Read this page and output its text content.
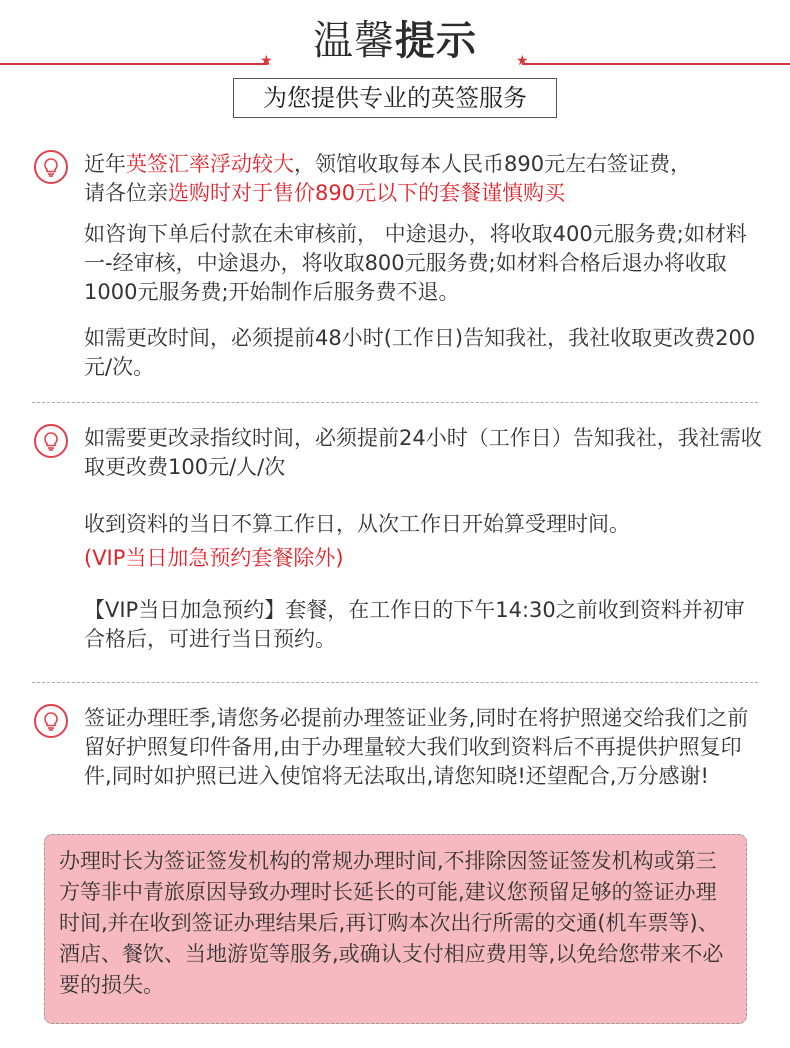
温馨提示
★	★
为您提供专业的英签服务
近年英签汇率浮动较大，领馆收取每本人民币890元左右签证费，
请各位亲选购时对于售价890元以下的套餐谨慎购买
如咨询下单后付款在未审核前， 中途退办，将收取400元服务费;如材料一-经审核，中途退办，将收取800元服务费;如材料合格后退办将收取1000元服务费;开始制作后服务费不退。
如需更改时间，必须提前48小时(工作日)告知我社，我社收取更改费200元/次。
如需要更改录指纹时间，必须提前24小时（工作日）告知我社，我社需收取更改费100元/人/次
收到资料的当日不算工作日，从次工作日开始算受理时间。
(VIP当日加急预约套餐除外)
【VIP当日加急预约】套餐，在工作日的下午14:30之前收到资料并初审合格后，可进行当日预约。
签证办理旺季,请您务必提前办理签证业务,同时在将护照递交给我们之前留好护照复印件备用,由于办理量较大我们收到资料后不再提供护照复印件,同时如护照已进入使馆将无法取出,请您知晓!还望配合,万分感谢!
办理时长为签证签发机构的常规办理时间,不排除因签证签发机构或第三方等非中青旅原因导致办理时长延长的可能,建议您预留足够的签证办理时间,并在收到签证办理结果后,再订购本次出行所需的交通(机车票等)、酒店、餐饮、当地游览等服务,或确认支付相应费用等,以免给您带来不必要的损失。
